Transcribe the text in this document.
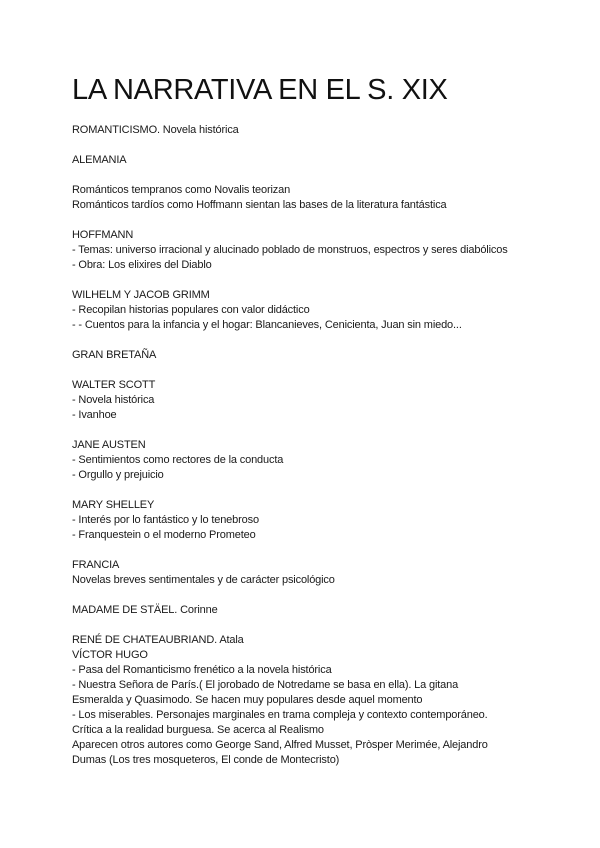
LA NARRATIVA EN EL S. XIX
ROMANTICISMO. Novela histórica
ALEMANIA
Románticos tempranos como Novalis teorizan
Románticos tardíos como Hoffmann sientan las bases de la literatura fantástica
HOFFMANN
- Temas: universo irracional y alucinado poblado de monstruos, espectros y seres diabólicos
- Obra: Los elixires del Diablo
WILHELM Y JACOB GRIMM
- Recopilan historias populares con valor didáctico
- - Cuentos para la infancia y el hogar: Blancanieves, Cenicienta, Juan sin miedo...
GRAN BRETAÑA
WALTER SCOTT
- Novela histórica
- Ivanhoe
JANE AUSTEN
- Sentimientos como rectores de la conducta
- Orgullo y prejuicio
MARY SHELLEY
- Interés por lo fantástico y lo tenebroso
- Franquestein o el moderno Prometeo
FRANCIA
Novelas breves sentimentales y de carácter psicológico
MADAME DE STÄEL. Corinne
RENÉ DE CHATEAUBRIAND. Atala
VÍCTOR HUGO
- Pasa del Romanticismo frenético a la novela histórica
- Nuestra Señora de París.( El jorobado de Notredame se basa en ella). La gitana
Esmeralda y Quasimodo. Se hacen muy populares desde aquel momento
- Los miserables. Personajes marginales en trama compleja y contexto contemporáneo.
Crítica a la realidad burguesa. Se acerca al Realismo
Aparecen otros autores como George Sand, Alfred Musset, Pròsper Merimée, Alejandro
Dumas (Los tres mosqueteros, El conde de Montecristo)
